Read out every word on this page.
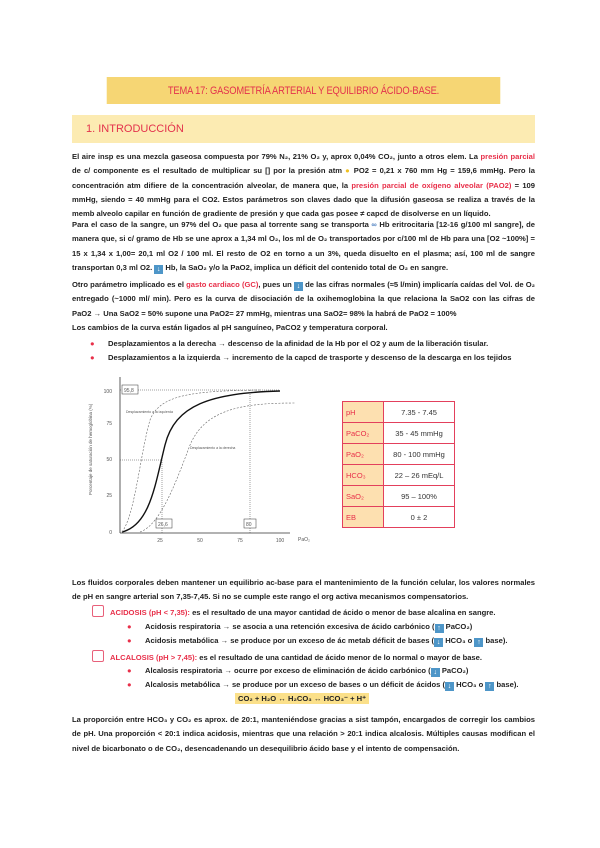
TEMA 17: GASOMETRÍA ARTERIAL Y EQUILIBRIO ÁCIDO-BASE.
1. INTRODUCCIÓN
El aire insp es una mezcla gaseosa compuesta por 79% N₂, 21% O₂ y, aprox 0,04% CO₂, junto a otros elem. La presión parcial de c/ componente es el resultado de multiplicar su [] por la presión atm ● PO2 = 0,21 x 760 mm Hg = 159,6 mmHg. Pero la concentración atm difiere de la concentración alveolar, de manera que, la presión parcial de oxígeno alveolar (PAO2) = 109 mmHg, siendo = 40 mmHg para el CO2. Estos parámetros son claves dado que la difusión gaseosa se realiza a través de la memb alveolo capilar en función de gradiente de presión y que cada gas posee ≠ capcd de disolverse en un líquido.
Para el caso de la sangre, un 97% del O₂ que pasa al torrente sang se transporta ∞ Hb eritrocitaria [12-16 g/100 ml sangre], de manera que, si c/ gramo de Hb se une aprox a 1,34 ml O₂, los ml de O₂ transportados por c/100 ml de Hb para una [O2 ~100%] = 15 x 1,34 x 1,00= 20,1 ml O2 / 100 ml. El resto de O2 en torno a un 3%, queda disuelto en el plasma; así, 100 ml de sangre transportan 0,3 ml O2. ↓ Hb, la SaO₂ y/o la PaO2, implica un déficit del contenido total de O₂ en sangre.
Otro parámetro implicado es el gasto cardiaco (GC), pues un ↓ de las cifras normales (≈5 l/min) implicaría caídas del Vol. de O₂ entregado (~1000 ml/ min). Pero es la curva de disociación de la oxihemoglobina la que relaciona la SaO2 con las cifras de PaO2 → Una SaO2 = 50% supone una PaO2= 27 mmHg, mientras una SaO2= 98% la habrá de PaO2 = 100%
Los cambios de la curva están ligados al pH sanguíneo, PaCO2 y temperatura corporal.
● Desplazamientos a la derecha → descenso de la afinidad de la Hb por el O2 y aum de la liberación tisular.
● Desplazamientos a la izquierda → incremento de la capcd de trasporte y descenso de la descarga en los tejidos
100
75
50
25
0
25	50	75	100	PaO₂
Porcentaje de saturación de hemoglobina (%)
95,8
26,6	80
Desplazamiento a la izquierda
Desplazamiento a la derecha
pH	7.35 - 7.45
PaCO₂	35 - 45 mmHg
PaO₂	80 - 100 mmHg
HCO₃	22 – 26 mEq/L
SaO₂	95 – 100%
EB	0 ± 2
Los fluidos corporales deben mantener un equilibrio ac-base para el mantenimiento de la función celular, los valores normales de pH en sangre arterial son 7,35-7,45. Si no se cumple este rango el org activa mecanismos compensatorios.
ACIDOSIS (pH < 7,35): es el resultado de una mayor cantidad de ácido o menor de base alcalina en sangre.
● Acidosis respiratoria → se asocia a una retención excesiva de ácido carbónico ( ↑ PaCO₂)
● Acidosis metabólica → se produce por un exceso de ác metab déficit de bases ( ↓ HCO₃ o ↑ base).
ALCALOSIS (pH > 7,45): es el resultado de una cantidad de ácido menor de lo normal o mayor de base.
● Alcalosis respiratoria → ocurre por exceso de eliminación de ácido carbónico ( ↓ PaCO₂)
● Alcalosis metabólica → se produce por un exceso de bases o un déficit de ácidos ( ↓ HCO₃ o ↑ base).
CO₂ + H₂O ↔ H₂CO₃ ↔ HCO₃⁻ + H⁺
La proporción entre HCO₃ y CO₂ es aprox. de 20:1, manteniéndose gracias a sist tampón, encargados de corregir los cambios de pH. Una proporción < 20:1 indica acidosis, mientras que una relación > 20:1 indica alcalosis. Múltiples causas modifican el nivel de bicarbonato o de CO₂, desencadenando un desequilibrio ácido base y el intento de compensación.
